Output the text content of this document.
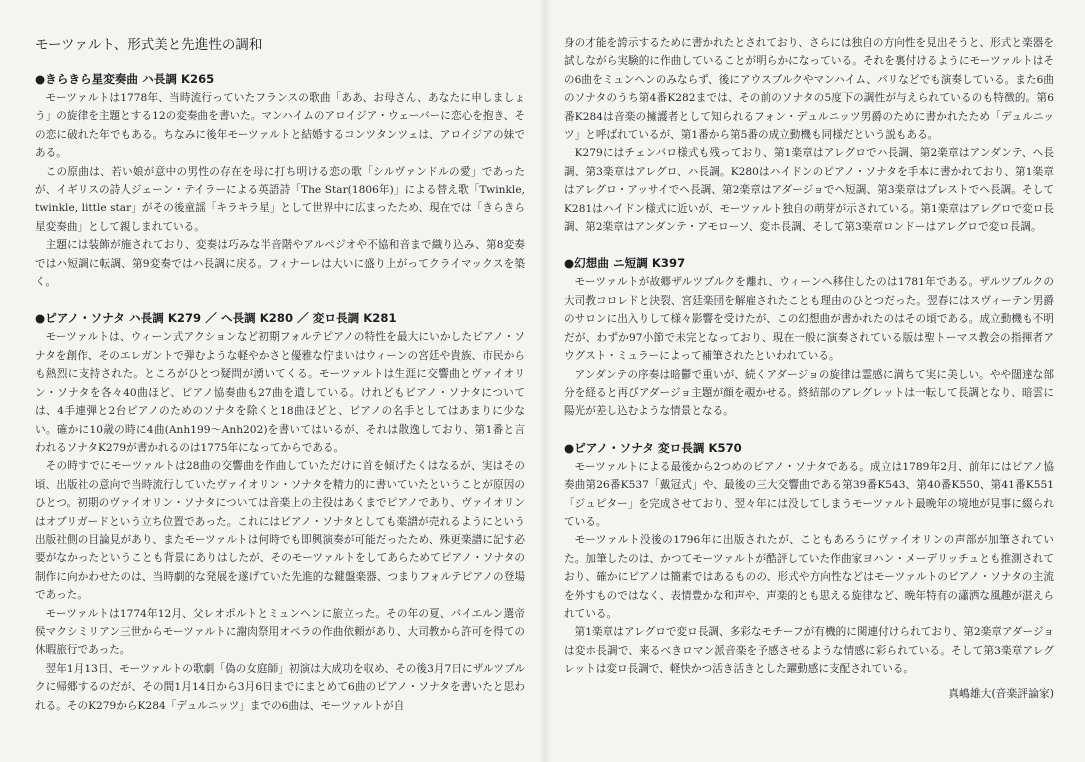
モーツァルト、形式美と先進性の調和
●きらきら星変奏曲 ハ長調 K265

モーツァルトは1778年、当時流行っていたフランスの歌曲「ああ、お母さん、あなたに申しましょう」の旋律を主題とする12の変奏曲を書いた。マンハイムのアロイジア・ウェーバーに恋心を抱き、その恋に破れた年でもある。ちなみに後年モーツァルトと結婚するコンツタンツェは、アロイジアの妹である。

この原曲は、若い娘が意中の男性の存在を母に打ち明ける恋の歌「シルヴァンドルの愛」であったが、イギリスの詩人ジェーン・テイラーによる英語詩「The Star(1806年)」による替え歌「Twinkle, twinkle, little star」がその後童謡「キラキラ星」として世界中に広まったため、現在では「きらきら星変奏曲」として親しまれている。

主題には装飾が施されており、変奏は巧みな半音階やアルペジオや不協和音まで織り込み、第8変奏ではハ短調に転調、第9変奏ではハ長調に戻る。フィナーレは大いに盛り上がってクライマックスを築く。

●ピアノ・ソナタ ハ長調 K279 ／ ヘ長調 K280 ／ 変ロ長調 K281

モーツァルトは、ウィーン式アクションなど初期フォルテピアノの特性を最大にいかしたピアノ・ソナタを創作、そのエレガントで弾むような軽やかさと優雅な佇まいはウィーンの宮廷や貴族、市民からも熱烈に支持された。ところがひとつ疑問が湧いてくる。モーツァルトは生涯に交響曲とヴァイオリン・ソナタを各々40曲ほど、ピアノ協奏曲も27曲を遺している。けれどもピアノ・ソナタについては、4手連弾と2台ピアノのためのソナタを除くと18曲ほどと、ピアノの名手としてはあまりに少ない。確かに10歳の時に4曲(Anh199〜Anh202)を書いてはいるが、それは散逸しており、第1番と言われるソナタK279が書かれるのは1775年になってからである。

その時すでにモーツァルトは28曲の交響曲を作曲していただけに首を傾げたくはなるが、実はその頃、出版社の意向で当時流行していたヴァイオリン・ソナタを精力的に書いていたということが原因のひとつ。初期のヴァイオリン・ソナタについては音楽上の主役はあくまでピアノであり、ヴァイオリンはオブリガードという立ち位置であった。これにはピアノ・ソナタとしても楽譜が売れるようにという出版社側の目論見があり、またモーツァルトは何時でも即興演奏が可能だったため、殊更楽譜に記す必要がなかったということも背景にありはしたが、そのモーツァルトをしてあらためてピアノ・ソナタの制作に向かわせたのは、当時劇的な発展を遂げていた先進的な鍵盤楽器、つまりフォルテピアノの登場であった。

モーツァルトは1774年12月、父レオポルトとミュンヘンに旅立った。その年の夏、バイエルン選帝侯マクシミリアン三世からモーツァルトに謝肉祭用オペラの作曲依頼があり、大司教から許可を得ての休暇旅行であった。

翌年1月13日、モーツァルトの歌劇「偽の女庭師」初演は大成功を収め、その後3月7日にザルツブルクに帰郷するのだが、その間1月14日から3月6日までにまとめて6曲のピアノ・ソナタを書いたと思われる。そのK279からK284「デュルニッツ」までの6曲は、モーツァルトが自

身の才能を誇示するために書かれたとされており、さらには独自の方向性を見出そうと、形式と楽器を試しながら実験的に作曲していることが明らかになっている。それを裏付けるようにモーツァルトはその6曲をミュンヘンのみならず、後にアウスブルクやマンハイム、パリなどでも演奏している。また6曲のソナタのうち第4番K282までは、その前のソナタの5度下の調性が与えられているのも特徴的。第6番K284は音楽の擁護者として知られるフォン・デュルニッツ男爵のために書かれたため「デュルニッツ」と呼ばれているが、第1番から第5番の成立動機も同様だという説もある。

K279にはチェンバロ様式も残っており、第1楽章はアレグロでハ長調、第2楽章はアンダンテ、ヘ長調、第3楽章はアレグロ、ハ長調。K280はハイドンのピアノ・ソナタを手本に書かれており、第1楽章はアレグロ・アッサイでヘ長調、第2楽章はアダージョでヘ短調、第3楽章はプレストでヘ長調。そしてK281はハイドン様式に近いが、モーツァルト独自の萌芽が示されている。第1楽章はアレグロで変ロ長調、第2楽章はアンダンテ・アモローソ、変ホ長調、そして第3楽章ロンドーはアレグロで変ロ長調。

●幻想曲 ニ短調 K397

モーツァルトが故郷ザルツブルクを離れ、ウィーンへ移住したのは1781年である。ザルツブルクの大司教コロレドと決裂、宮廷楽団を解雇されたことも理由のひとつだった。翌春にはスヴィーテン男爵のサロンに出入りして様々影響を受けたが、この幻想曲が書かれたのはその頃である。成立動機も不明だが、わずか97小節で未完となっており、現在一般に演奏されている版は聖トーマス教会の指揮者アウグスト・ミュラーによって補筆されたといわれている。

アンダンテの序奏は暗鬱で重いが、続くアダージョの旋律は霊感に満ちて実に美しい。やや闊達な部分を経ると再びアダージョ主題が顔を覗かせる。終結部のアレグレットは一転して長調となり、暗雲に陽光が差し込むような情景となる。

●ピアノ・ソナタ 変ロ長調 K570

モーツァルトによる最後から2つめのピアノ・ソナタである。成立は1789年2月、前年にはピアノ協奏曲第26番K537「戴冠式」や、最後の三大交響曲である第39番K543、第40番K550、第41番K551「ジュピター」を完成させており、翌々年には没してしまうモーツァルト最晩年の境地が見事に綴られている。

モーツァルト没後の1796年に出版されたが、こともあろうにヴァイオリンの声部が加筆されていた。加筆したのは、かつてモーツァルトが酷評していた作曲家ヨハン・メーデリッチュとも推測されており、確かにピアノは簡素ではあるものの、形式や方向性などはモーツァルトのピアノ・ソナタの主流を外すものではなく、表情豊かな和声や、声楽的とも思える旋律など、晩年特有の瀟洒な風趣が湛えられている。

第1楽章はアレグロで変ロ長調、多彩なモチーフが有機的に関連付けられており、第2楽章アダージョは変ホ長調で、来るべきロマン派音楽を予感させるような情感に彩られている。そして第3楽章アレグレットは変ロ長調で、軽快かつ活き活きとした躍動感に支配されている。

真嶋雄大(音楽評論家)
